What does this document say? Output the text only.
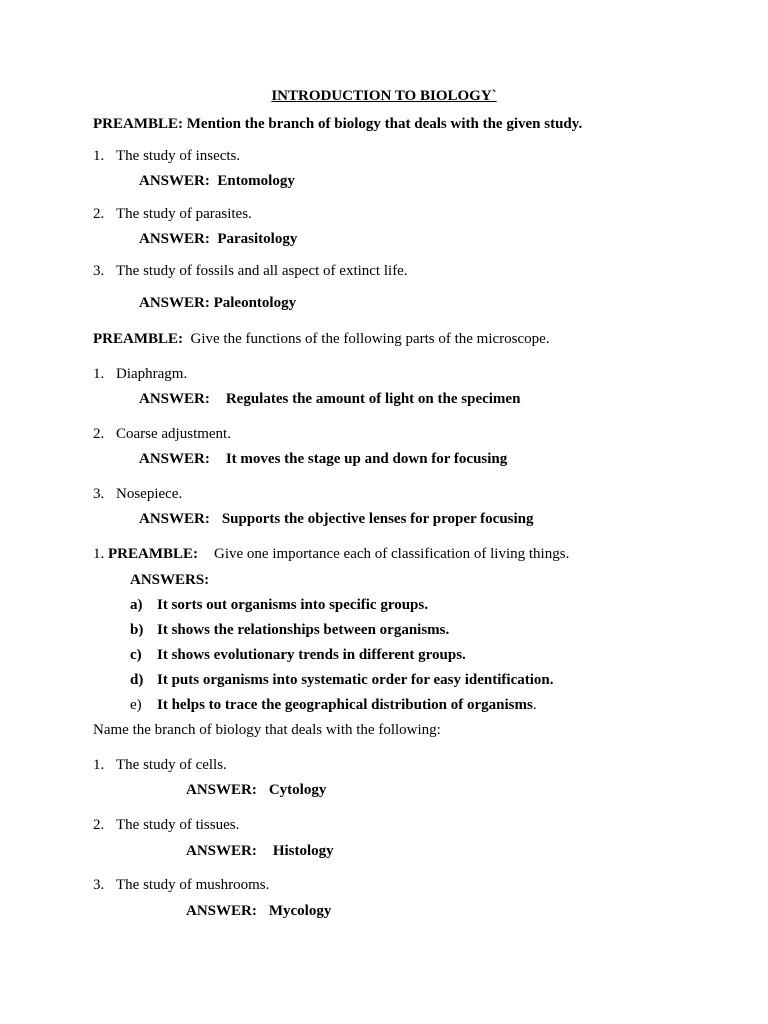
INTRODUCTION TO BIOLOGY`
PREAMBLE: Mention the branch of biology that deals with the given study.
1. The study of insects.
ANSWER: Entomology
2. The study of parasites.
ANSWER: Parasitology
3. The study of fossils and all aspect of extinct life.
ANSWER: Paleontology
PREAMBLE: Give the functions of the following parts of the microscope.
1. Diaphragm.
ANSWER: Regulates the amount of light on the specimen
2. Coarse adjustment.
ANSWER: It moves the stage up and down for focusing
3. Nosepiece.
ANSWER: Supports the objective lenses for proper focusing
1. PREAMBLE: Give one importance each of classification of living things.
ANSWERS:
a) It sorts out organisms into specific groups.
b) It shows the relationships between organisms.
c) It shows evolutionary trends in different groups.
d) It puts organisms into systematic order for easy identification.
e) It helps to trace the geographical distribution of organisms.
Name the branch of biology that deals with the following:
1. The study of cells.
ANSWER: Cytology
2. The study of tissues.
ANSWER: Histology
3. The study of mushrooms.
ANSWER: Mycology
